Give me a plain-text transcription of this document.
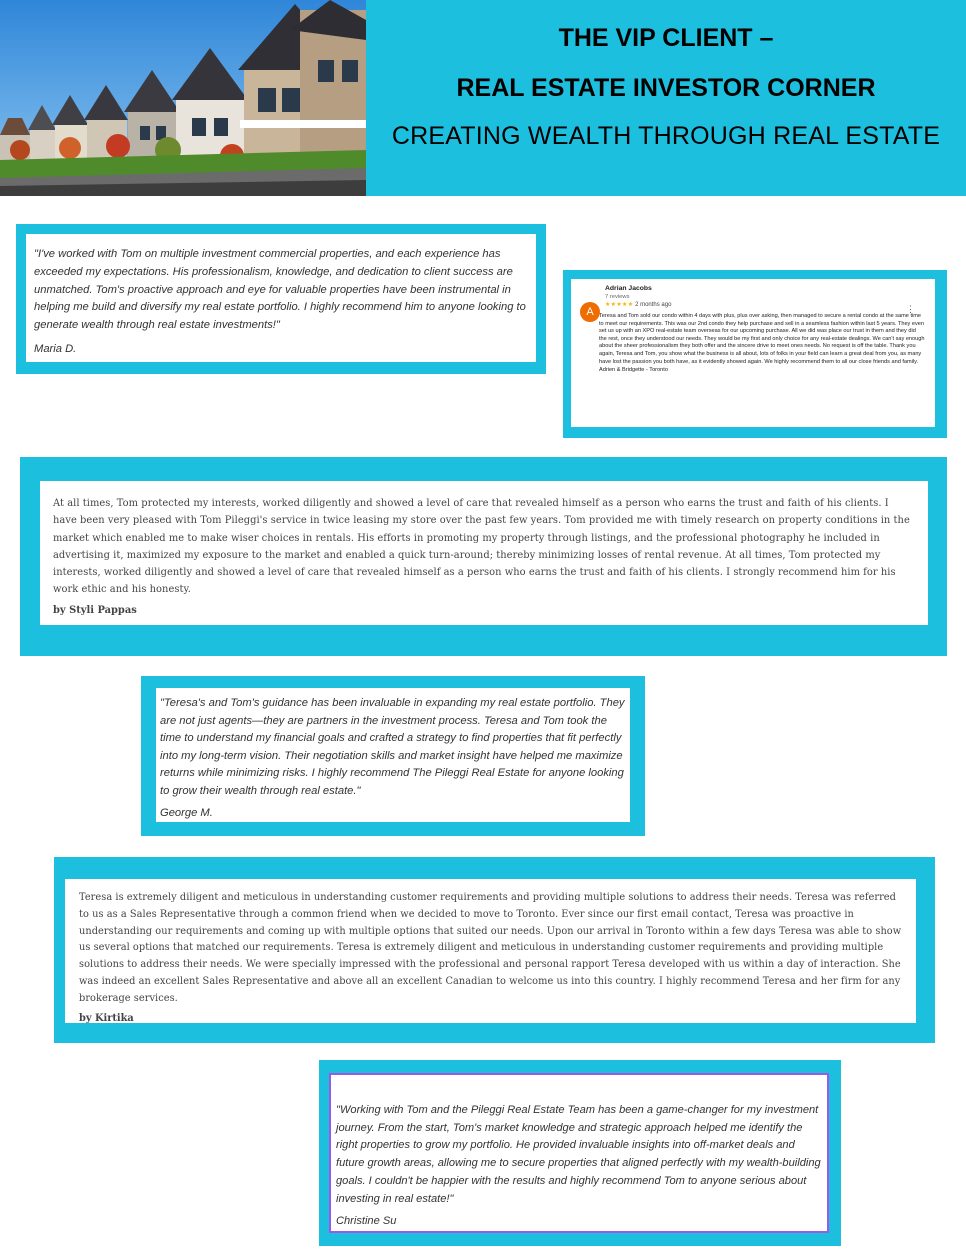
THE VIP CLIENT –
REAL ESTATE INVESTOR CORNER
CREATING WEALTH THROUGH REAL ESTATE
"I've worked with Tom on multiple investment commercial properties, and each experience has exceeded my expectations. His professionalism, knowledge, and dedication to client success are unmatched. Tom's proactive approach and eye for valuable properties have been instrumental in helping me build and diversify my real estate portfolio. I highly recommend him to anyone looking to generate wealth through real estate investments!"
Maria D.
A	⋮
Adrian Jacobs
7 reviews
★★★★★ 2 months ago
Teresa and Tom sold our condo within 4 days with plus, plus over asking, then managed to secure a rental condo at the same time to meet our requirements. This was our 2nd condo they help purchase and sell in a seamless fashion within last 5 years. They even set us up with an XPO real-estate team overseas for our upcoming purchase. All we did was place our trust in them and they did the rest, once they understood our needs. They would be my first and only choice for any real-estate dealings. We can't say enough about the sheer professionalism they both offer and the sincere drive to meet ones needs. No request is off the table. Thank you again, Teresa and Tom, you show what the business is all about, lots of folks in your field can learn a great deal from you, as many have lost the passion you both have, as it evidently showed again. We highly recommend them to all our close friends and family.
Adrien & Bridgette - Toronto
At all times, Tom protected my interests, worked diligently and showed a level of care that revealed himself as a person who earns the trust and faith of his clients. I have been very pleased with Tom Pileggi's service in twice leasing my store over the past few years. Tom provided me with timely research on property conditions in the market which enabled me to make wiser choices in rentals. His efforts in promoting my property through listings, and the professional photography he included in advertising it, maximized my exposure to the market and enabled a quick turn-around; thereby minimizing losses of rental revenue. At all times, Tom protected my interests, worked diligently and showed a level of care that revealed himself as a person who earns the trust and faith of his clients. I strongly recommend him for his work ethic and his honesty.
by Styli Pappas
"Teresa's and Tom's guidance has been invaluable in expanding my real estate portfolio. They are not just agents—they are partners in the investment process. Teresa and Tom took the time to understand my financial goals and crafted a strategy to find properties that fit perfectly into my long-term vision. Their negotiation skills and market insight have helped me maximize returns while minimizing risks. I highly recommend The Pileggi Real Estate for anyone looking to grow their wealth through real estate."
George M.
Teresa is extremely diligent and meticulous in understanding customer requirements and providing multiple solutions to address their needs. Teresa was referred to us as a Sales Representative through a common friend when we decided to move to Toronto. Ever since our first email contact, Teresa was proactive in understanding our requirements and coming up with multiple options that suited our needs. Upon our arrival in Toronto within a few days Teresa was able to show us several options that matched our requirements. Teresa is extremely diligent and meticulous in understanding customer requirements and providing multiple solutions to address their needs. We were specially impressed with the professional and personal rapport Teresa developed with us within a day of interaction. She was indeed an excellent Sales Representative and above all an excellent Canadian to welcome us into this country. I highly recommend Teresa and her firm for any brokerage services.
by Kirtika
"Working with Tom and the Pileggi Real Estate Team has been a game-changer for my investment journey. From the start, Tom's market knowledge and strategic approach helped me identify the right properties to grow my portfolio. He provided invaluable insights into off-market deals and future growth areas, allowing me to secure properties that aligned perfectly with my wealth-building goals. I couldn't be happier with the results and highly recommend Tom to anyone serious about investing in real estate!"
Christine Su
